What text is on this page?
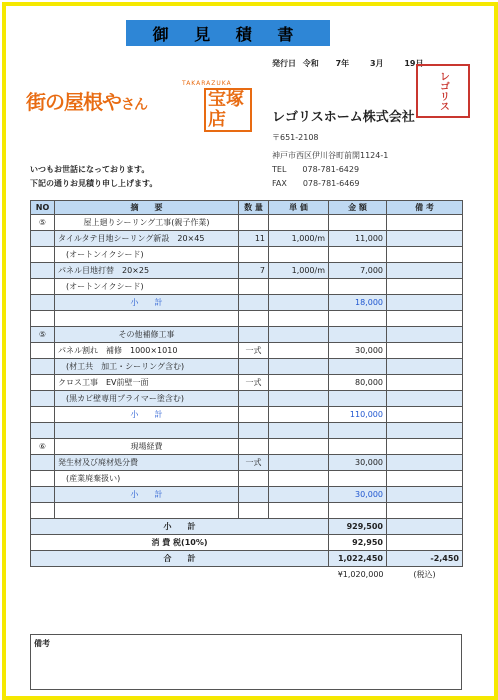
御 見 積 書
発行日 令和 7年	3月	19日
街の屋根やさん
TAKARAZUKA
宝塚店
レゴリス
レゴリスホーム株式会社
〒651-2108
神戸市西区伊川谷町前開1124-1
TEL　　078-781-6429
FAX　　078-781-6469
いつもお世話になっております。
下記の通りお見積り申し上げます。
NO	摘　　要	数 量	単 価	金 額	備 考
⑤	屋上廻りシーリング工事(親子作業)				
	タイルタテ目地シーリング新設　20×45	11	1,000/m	11,000	
	　(オートンイクシード)				
	パネル目地打替　20×25	7	1,000/m	7,000	
	　(オートンイクシード)				
	小　　計			18,000	

⑤	その他補修工事				
	パネル割れ　補修　1000×1010	一式		30,000	
	　(材工共　加工・シーリング含む)				
	クロス工事　EV前壁一面	一式		80,000	
	　(黒カビ壁専用プライマー塗含む)				
	小　　計			110,000	

⑥	現場経費				
	発生材及び廃材処分費	一式		30,000	
	　(産業廃棄扱い)				
	小　　計			30,000	

小　　計				929,500	
消 費 税(10%)				92,950	
合　　計				1,022,450	-2,450
				¥1,020,000	(税込)
備考
